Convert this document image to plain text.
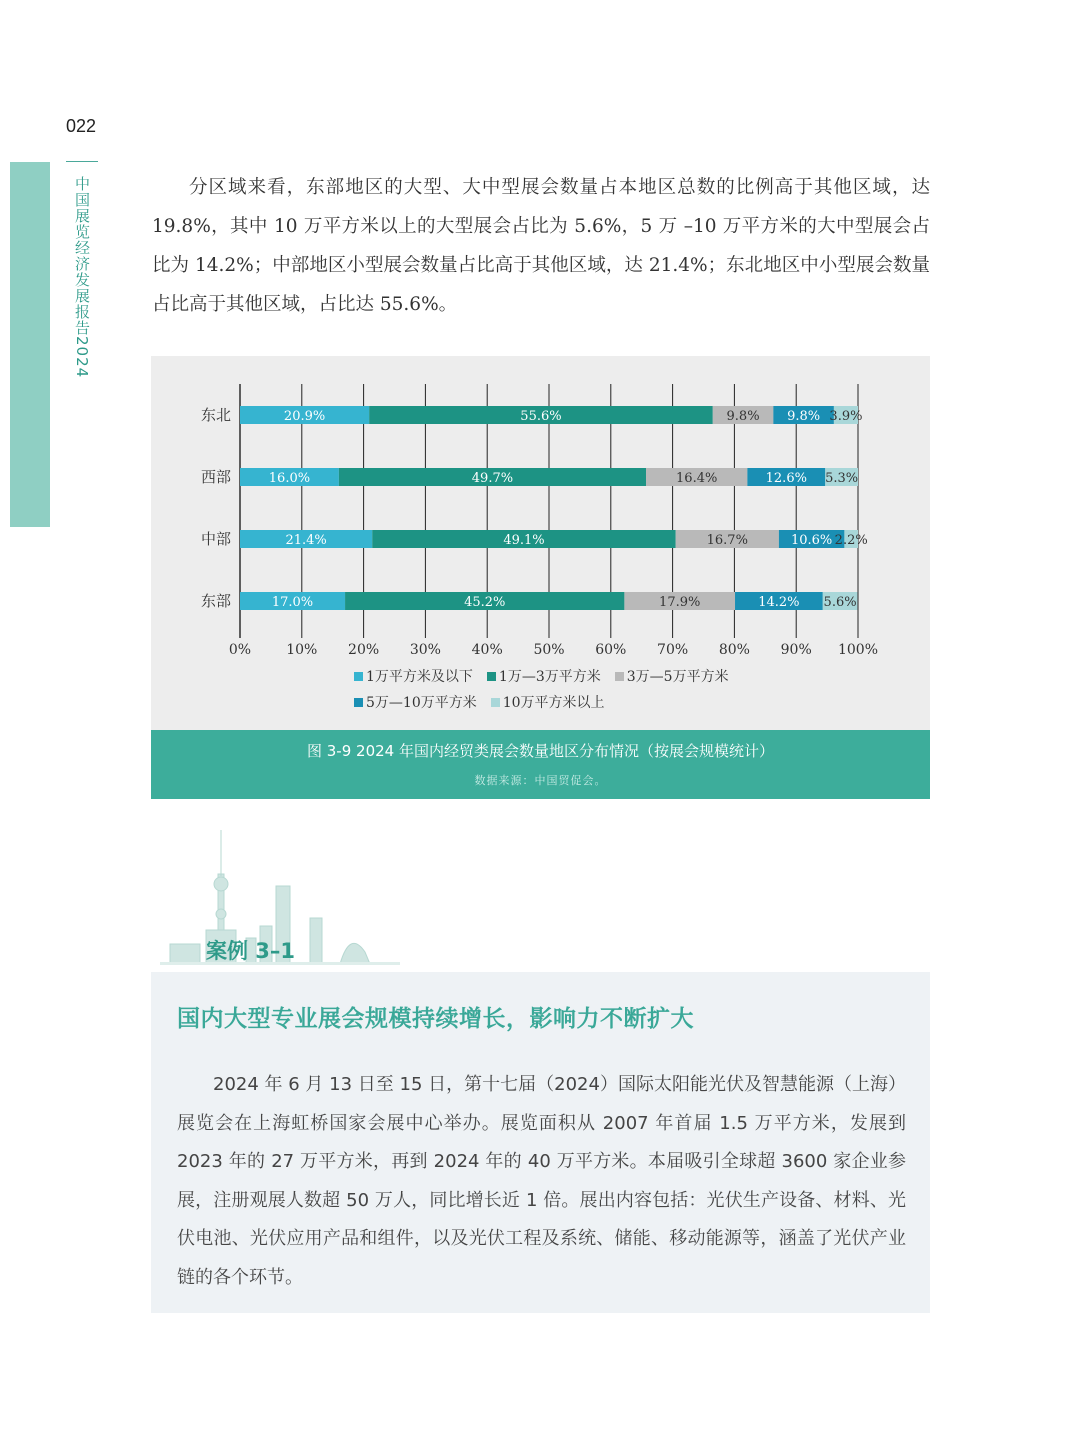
022
中国展览经济发展报告2024	分区域来看，东部地区的大型、大中型展会数量占本地区总数的比例高于其他区域，达 19.8%，其中 10 万平方米以上的大型展会占比为 5.6%，5 万 –10 万平方米的大中型展会占比为 14.2%；中部地区小型展会数量占比高于其他区域，达 21.4%；东北地区中小型展会数量占比高于其他区域，占比达 55.6%。

0%	10% 20% 30% 40% 50% 60% 70% 80% 90% 100%
东北	20.9%	55.6%	9.8% 9.8% 3.9%
西部	16.0%	49.7%	16.4%	12.6% 5.3%
中部	21.4%	49.1%	16.7%	10.6% 2.2%
东部	17.0%	45.2%	17.9%	14.2% 5.6%
1万平方米及以下 1万—3万平方米 3万—5万平方米
5万—10万平方米 10万平方米以上
图 3-9 2024 年国内经贸类展会数量地区分布情况（按展会规模统计）
数据来源：中国贸促会。
案例 3–1
国内大型专业展会规模持续增长，影响力不断扩大

2024 年 6 月 13 日至 15 日，第十七届（2024）国际太阳能光伏及智慧能源（上海）展览会在上海虹桥国家会展中心举办。展览面积从 2007 年首届 1.5 万平方米，发展到 2023 年的 27 万平方米，再到 2024 年的 40 万平方米。本届吸引全球超 3600 家企业参展，注册观展人数超 50 万人，同比增长近 1 倍。展出内容包括：光伏生产设备、材料、光伏电池、光伏应用产品和组件，以及光伏工程及系统、储能、移动能源等，涵盖了光伏产业链的各个环节。
